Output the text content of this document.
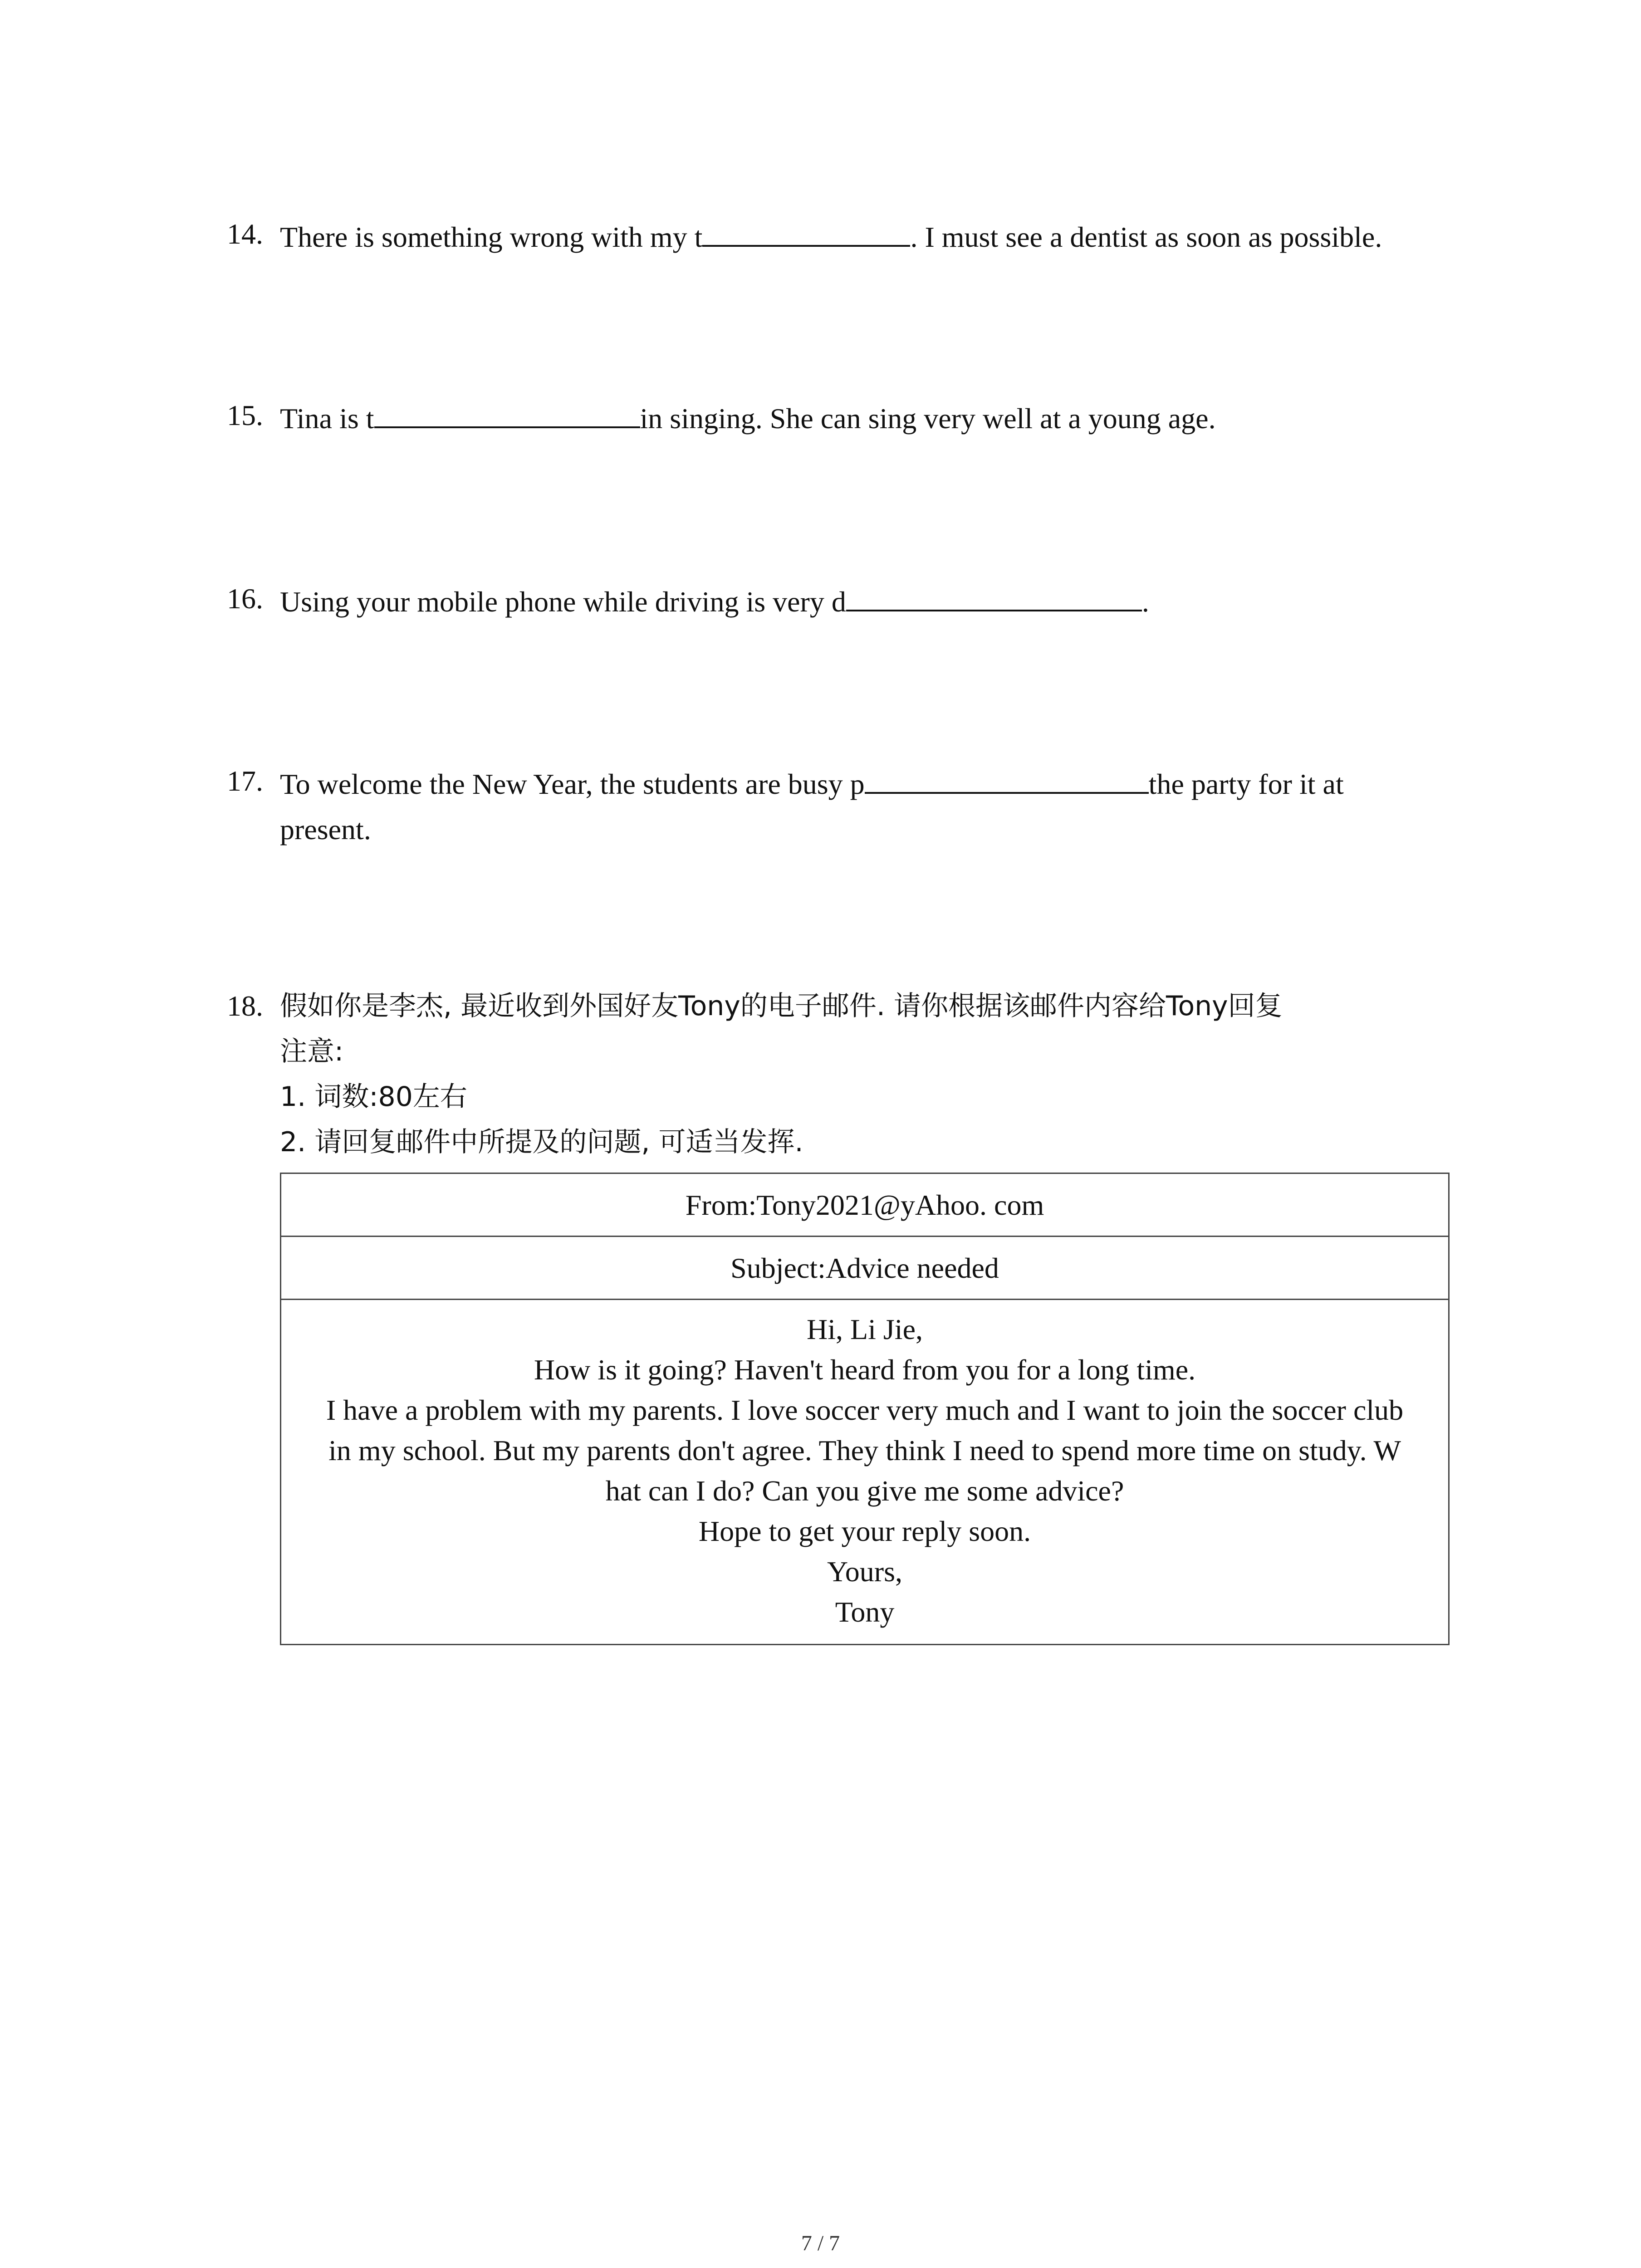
14. There is something wrong with my t	. I must see a dentist as soon as possible.
15. Tina is t	in singing. She can sing very well at a young age.
16. Using your mobile phone while driving is very d	.
17. To welcome the New Year, the students are busy p	the party for it at
present.
18. 假如你是李杰, 最近收到外国好友Tony的电子邮件. 请你根据该邮件内容给Tony回复
注意:
1. 词数:80左右
2. 请回复邮件中所提及的问题, 可适当发挥.
From:Tony2021@yAhoo. com
Subject:Advice needed

Hi, Li Jie,
How is it going? Haven't heard from you for a long time.
I have a problem with my parents. I love soccer very much and I want to join the soccer club
in my school. But my parents don't agree. They think I need to spend more time on study. W
hat can I do? Can you give me some advice?
Hope to get your reply soon.
Yours,
Tony
7 / 7
